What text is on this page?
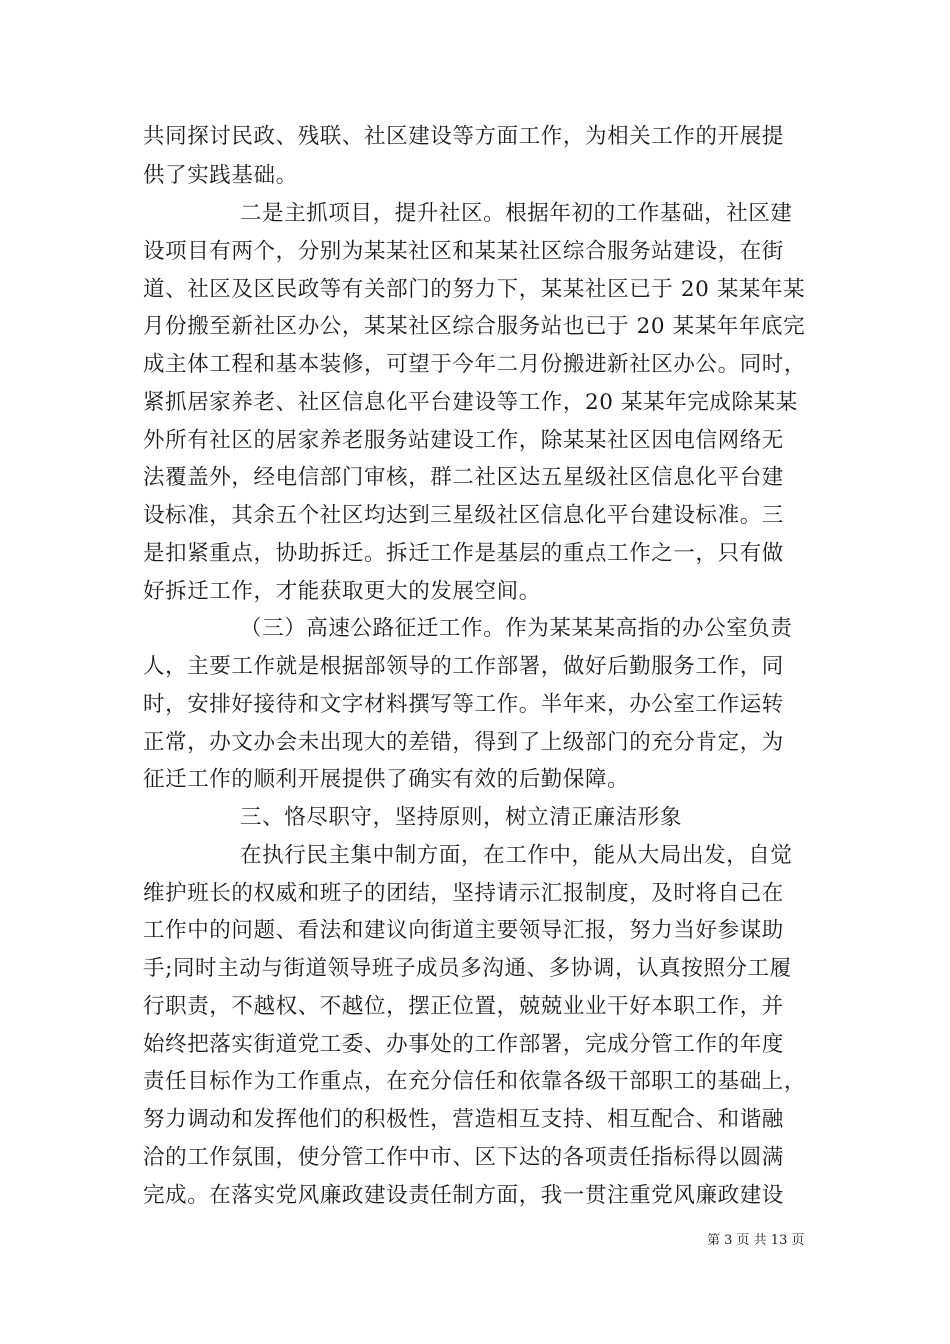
共同探讨民政、残联、社区建设等方面工作，为相关工作的开展提
供了实践基础。
二是主抓项目，提升社区。根据年初的工作基础，社区建
设项目有两个，分别为某某社区和某某社区综合服务站建设，在街
道、社区及区民政等有关部门的努力下，某某社区已于 20 某某年某
月份搬至新社区办公，某某社区综合服务站也已于 20 某某年年底完
成主体工程和基本装修，可望于今年二月份搬进新社区办公。同时，
紧抓居家养老、社区信息化平台建设等工作，20 某某年完成除某某
外所有社区的居家养老服务站建设工作，除某某社区因电信网络无
法覆盖外，经电信部门审核，群二社区达五星级社区信息化平台建
设标准，其余五个社区均达到三星级社区信息化平台建设标准。三
是扣紧重点，协助拆迁。拆迁工作是基层的重点工作之一，只有做
好拆迁工作，才能获取更大的发展空间。
（三）高速公路征迁工作。作为某某某高指的办公室负责
人，主要工作就是根据部领导的工作部署，做好后勤服务工作，同
时，安排好接待和文字材料撰写等工作。半年来，办公室工作运转
正常，办文办会未出现大的差错，得到了上级部门的充分肯定，为
征迁工作的顺利开展提供了确实有效的后勤保障。
三、恪尽职守，坚持原则，树立清正廉洁形象
在执行民主集中制方面，在工作中，能从大局出发，自觉
维护班长的权威和班子的团结，坚持请示汇报制度，及时将自己在
工作中的问题、看法和建议向街道主要领导汇报，努力当好参谋助
手;同时主动与街道领导班子成员多沟通、多协调，认真按照分工履
行职责，不越权、不越位，摆正位置，兢兢业业干好本职工作，并
始终把落实街道党工委、办事处的工作部署，完成分管工作的年度
责任目标作为工作重点，在充分信任和依靠各级干部职工的基础上，
努力调动和发挥他们的积极性，营造相互支持、相互配合、和谐融
洽的工作氛围，使分管工作中市、区下达的各项责任指标得以圆满
完成。在落实党风廉政建设责任制方面，我一贯注重党风廉政建设
第 3 页 共 13 页
